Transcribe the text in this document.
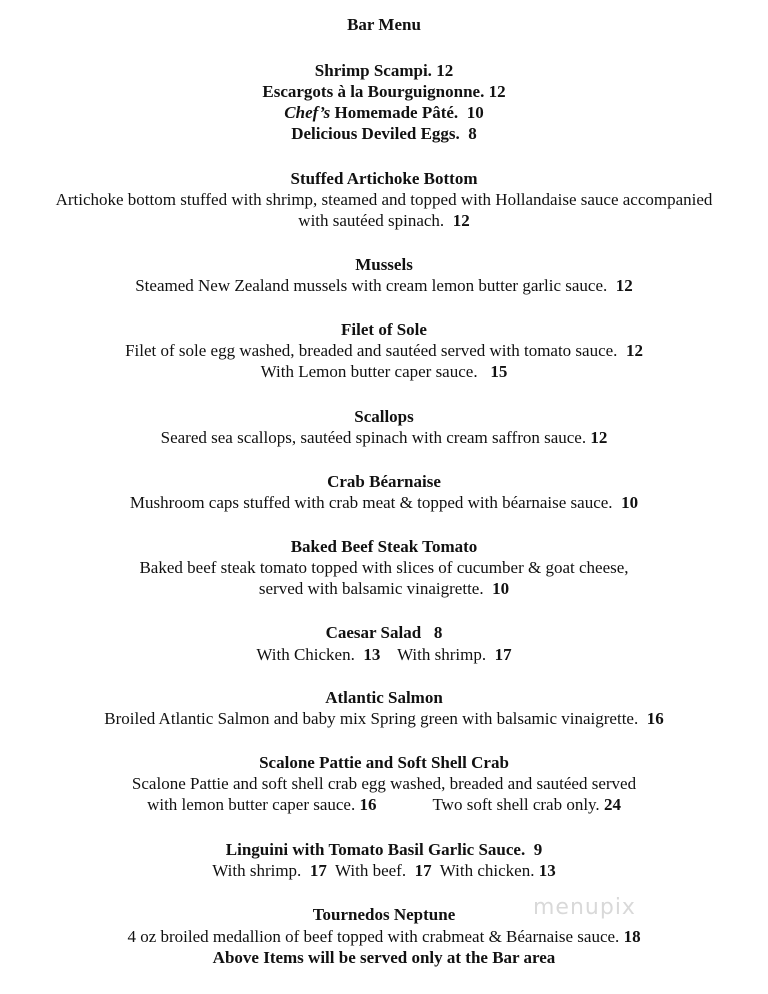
Bar Menu
Shrimp Scampi. 12
Escargots à la Bourguignonne. 12
Chef’s Homemade Pâté. 10
Delicious Deviled Eggs. 8
Stuffed Artichoke Bottom
Artichoke bottom stuffed with shrimp, steamed and topped with Hollandaise sauce accompanied
with sautéed spinach. 12
Mussels
Steamed New Zealand mussels with cream lemon butter garlic sauce. 12
Filet of Sole
Filet of sole egg washed, breaded and sautéed served with tomato sauce. 12
With Lemon butter caper sauce. 15
Scallops
Seared sea scallops, sautéed spinach with cream saffron sauce. 12
Crab Béarnaise
Mushroom caps stuffed with crab meat & topped with béarnaise sauce. 10
Baked Beef Steak Tomato
Baked beef steak tomato topped with slices of cucumber & goat cheese,
served with balsamic vinaigrette. 10
Caesar Salad 8
With Chicken. 13 With shrimp. 17
Atlantic Salmon
Broiled Atlantic Salmon and baby mix Spring green with balsamic vinaigrette. 16
Scalone Pattie and Soft Shell Crab
Scalone Pattie and soft shell crab egg washed, breaded and sautéed served
with lemon butter caper sauce. 16	Two soft shell crab only. 24
Linguini with Tomato Basil Garlic Sauce. 9
With shrimp. 17 With beef. 17 With chicken. 13
Tournedos Neptune
4 oz broiled medallion of beef topped with crabmeat & Béarnaise sauce. 18
Above Items will be served only at the Bar area
menupix
